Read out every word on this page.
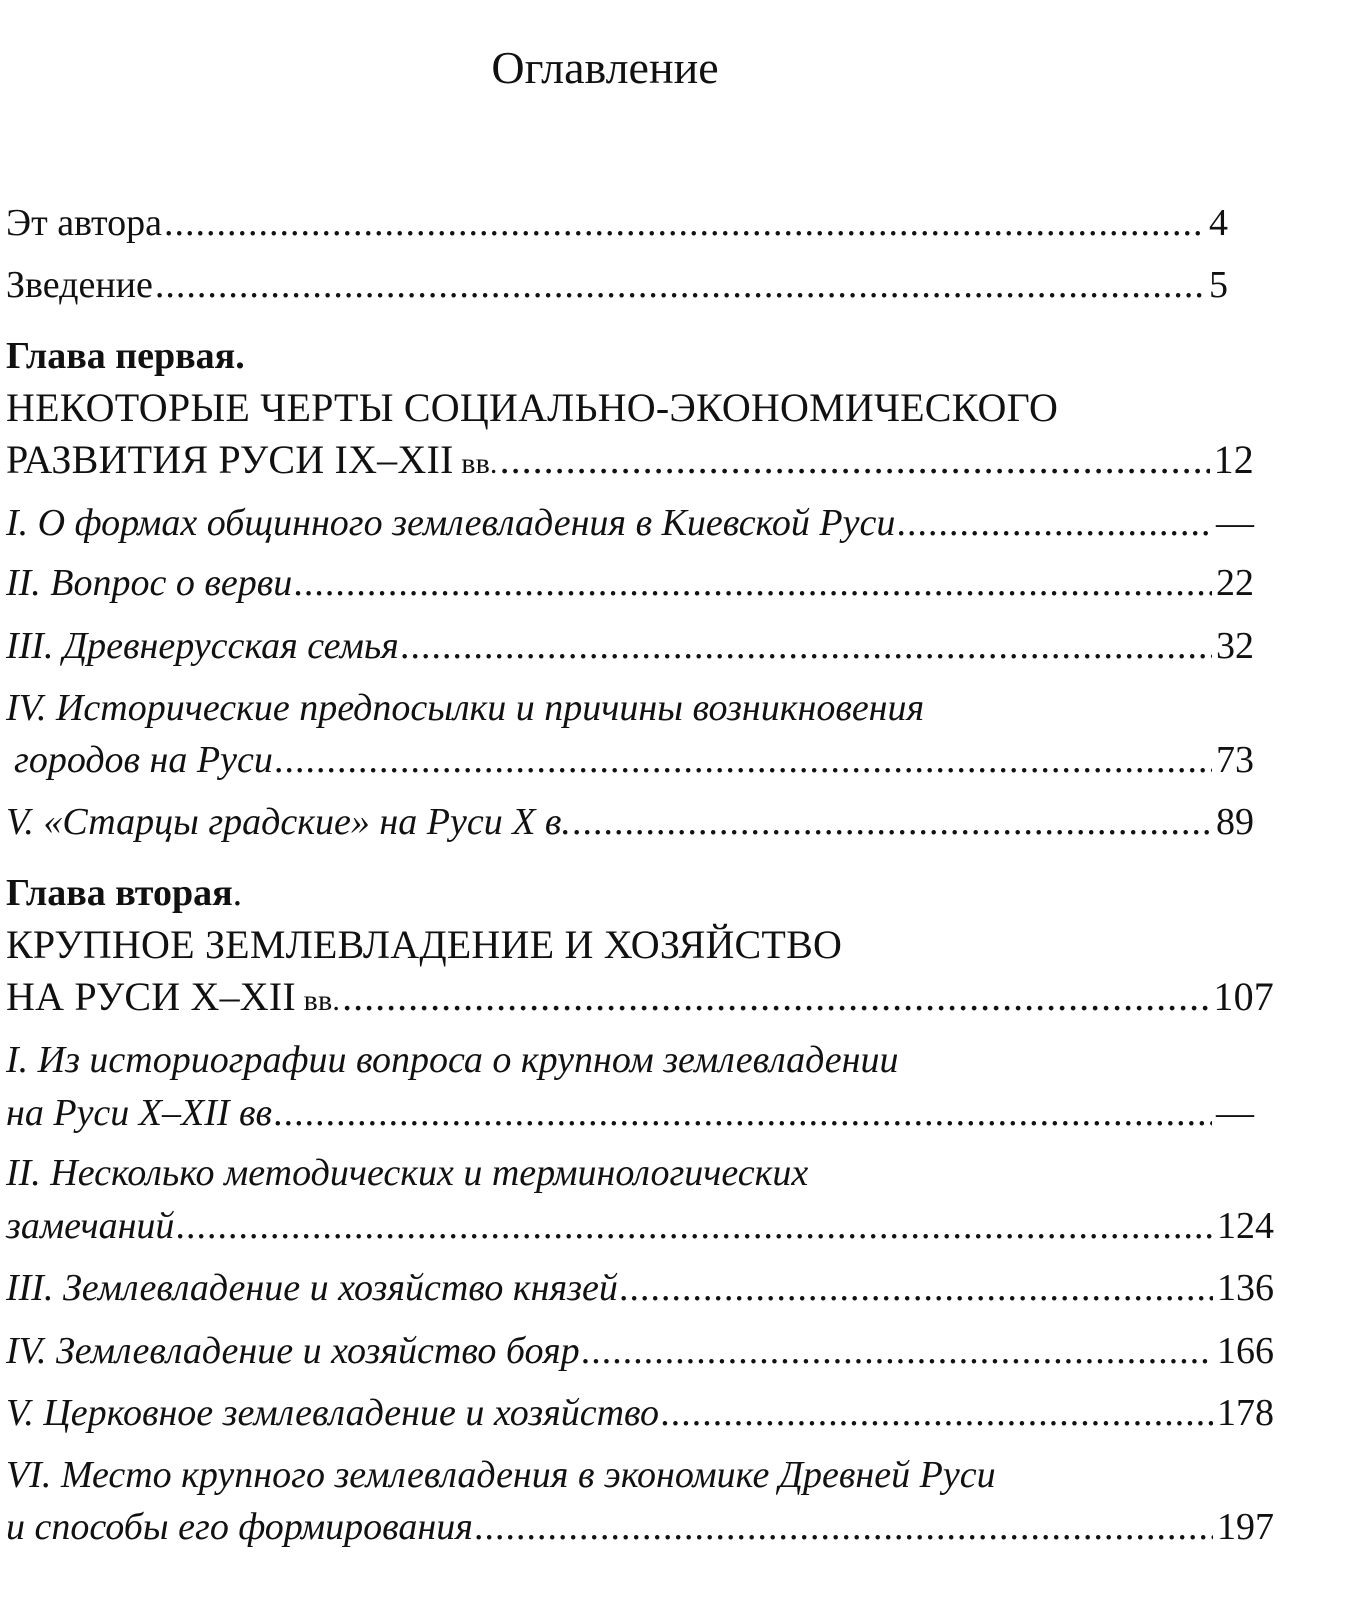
Оглавление
Эт автора .....	4
Зведение .....	5
Глава первая.
НЕКОТОРЫЕ ЧЕРТЫ СОЦИАЛЬНО-ЭКОНОМИЧЕСКОГО
РАЗВИТИЯ РУСИ IX–XII вв. .....	12
I. О формах общинного землевладения в Киевской Руси .....	—
II. Вопрос о верви .....	22
III. Древнерусская семья .....	32
IV. Исторические предпосылки и причины возникновения
городов на Руси .....	73
V. «Старцы градские» на Руси X в. .....	89
Глава вторая.
КРУПНОЕ ЗЕМЛЕВЛАДЕНИЕ И ХОЗЯЙСТВО
НА РУСИ X–XII вв. .....	107
I. Из историографии вопроса о крупном землевладении
на Руси X–XII вв .....	—
II. Несколько методических и терминологических
замечаний .....	124
III. Землевладение и хозяйство князей .....	136
IV. Землевладение и хозяйство бояр .....	166
V. Церковное землевладение и хозяйство .....	178
VI. Место крупного землевладения в экономике Древней Руси
и способы его формирования .....	197
